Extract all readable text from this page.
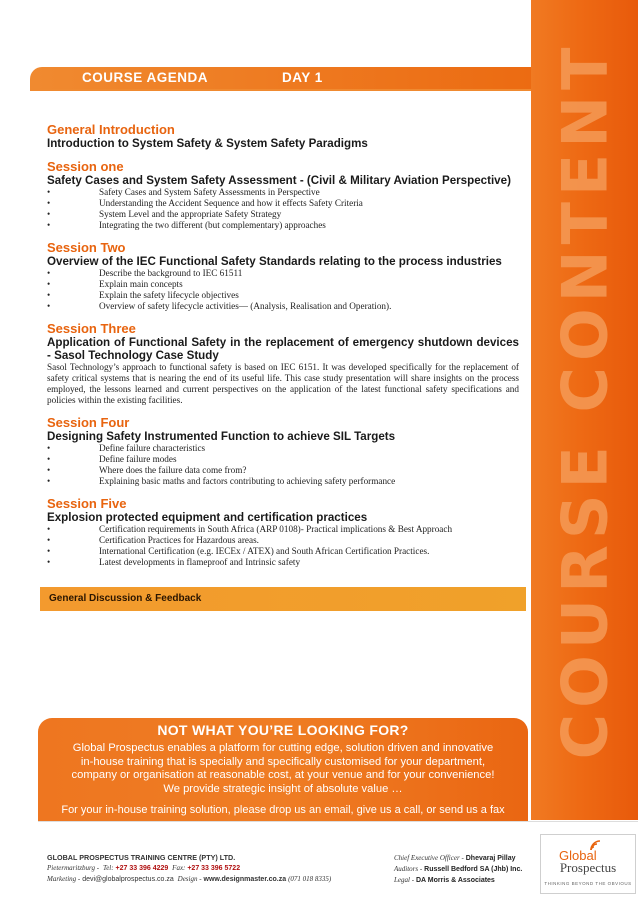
COURSE CONTENT
COURSE AGENDA	DAY 1
General Introduction
Introduction to System Safety & System Safety Paradigms
Session one
Safety Cases and System Safety Assessment - (Civil & Military Aviation Perspective)
•	Safety Cases and System Safety Assessments in Perspective
•	Understanding the Accident Sequence and how it effects Safety Criteria
•	System Level and the appropriate Safety Strategy
•	Integrating the two different (but complementary) approaches
Session Two
Overview of the IEC Functional Safety Standards relating to the process industries
•	Describe the background to IEC 61511
•	Explain main concepts
•	Explain the safety lifecycle objectives
•	Overview of safety lifecycle activities— (Analysis, Realisation and Operation).
Session Three
Application of Functional Safety in the replacement of emergency shutdown devices - Sasol Technology Case Study

Sasol Technology’s approach to functional safety is based on IEC 6151. It was developed specifically for the replacement of safety critical systems that is nearing the end of its useful life. This case study presentation will share insights on the process employed, the lessons learned and current perspectives on the application of the latest functional safety specifications and policies within the existing facilities.

Session Four
Designing Safety Instrumented Function to achieve SIL Targets
•	Define failure characteristics
•	Define failure modes
•	Where does the failure data come from?
•	Explaining basic maths and factors contributing to achieving safety performance
Session Five
Explosion protected equipment and certification practices
•	Certification requirements in South Africa (ARP 0108)- Practical implications & Best Approach
•	Certification Practices for Hazardous areas.
•	International Certification (e.g. IECEx / ATEX) and South African Certification Practices.
•	Latest developments in flameproof and Intrinsic safety
General Discussion & Feedback
NOT WHAT YOU’RE LOOKING FOR?
Global Prospectus enables a platform for cutting edge, solution driven and innovative
in-house training that is specially and specifically customised for your department,
company or organisation at reasonable cost, at your venue and for your convenience!
We provide strategic insight of absolute value …
For your in-house training solution, please drop us an email, give us a call, or send us a fax
GLOBAL PROSPECTUS TRAINING CENTRE (PTY) LTD.
Pietermaritzburg - Tel: +27 33 396 4229 Fax: +27 33 396 5722
Marketing - devi@globalprospectus.co.za Design - www.designmaster.co.za (071 018 8335)
Chief Executive Officer - Dhevaraj Pillay
Auditors - Russell Bedford SA (Jhb) Inc.
Legal - DA Morris & Associates
Global
Prospectus
THINKING BEYOND THE OBVIOUS
